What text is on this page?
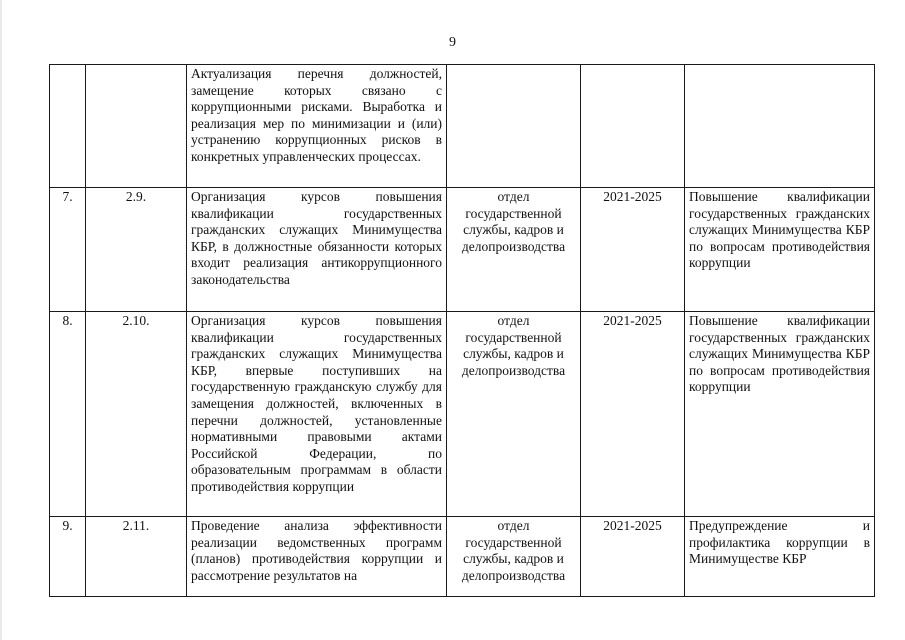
9
		Актуализация перечня должностей, замещение которых связано с коррупционными рисками. Выработка и реализация мер по минимизации и (или) устранению коррупционных рисков в конкретных управленческих процессах.			
7.	2.9.	Организация курсов повышения квалификации государственных гражданских служащих Минимущества КБР, в должностные обязанности которых входит реализация антикоррупционного законодательства	отдел государственной службы, кадров и делопроизводства	2021-2025	Повышение квалификации государственных гражданских служащих Минимущества КБР по вопросам противодействия коррупции
8.	2.10.	Организация курсов повышения квалификации государственных гражданских служащих Минимущества КБР, впервые поступивших на государственную гражданскую службу для замещения должностей, включенных в перечни должностей, установленные нормативными правовыми актами Российской Федерации, по образовательным программам в области противодействия коррупции	отдел государственной службы, кадров и делопроизводства	2021-2025	Повышение квалификации государственных гражданских служащих Минимущества КБР по вопросам противодействия коррупции
9.	2.11.	Проведение анализа эффективности реализации ведомственных программ (планов) противодействия коррупции и рассмотрение результатов на	отдел государственной службы, кадров и делопроизводства	2021-2025	Предупреждение и профилактика коррупции в Минимуществе КБР
